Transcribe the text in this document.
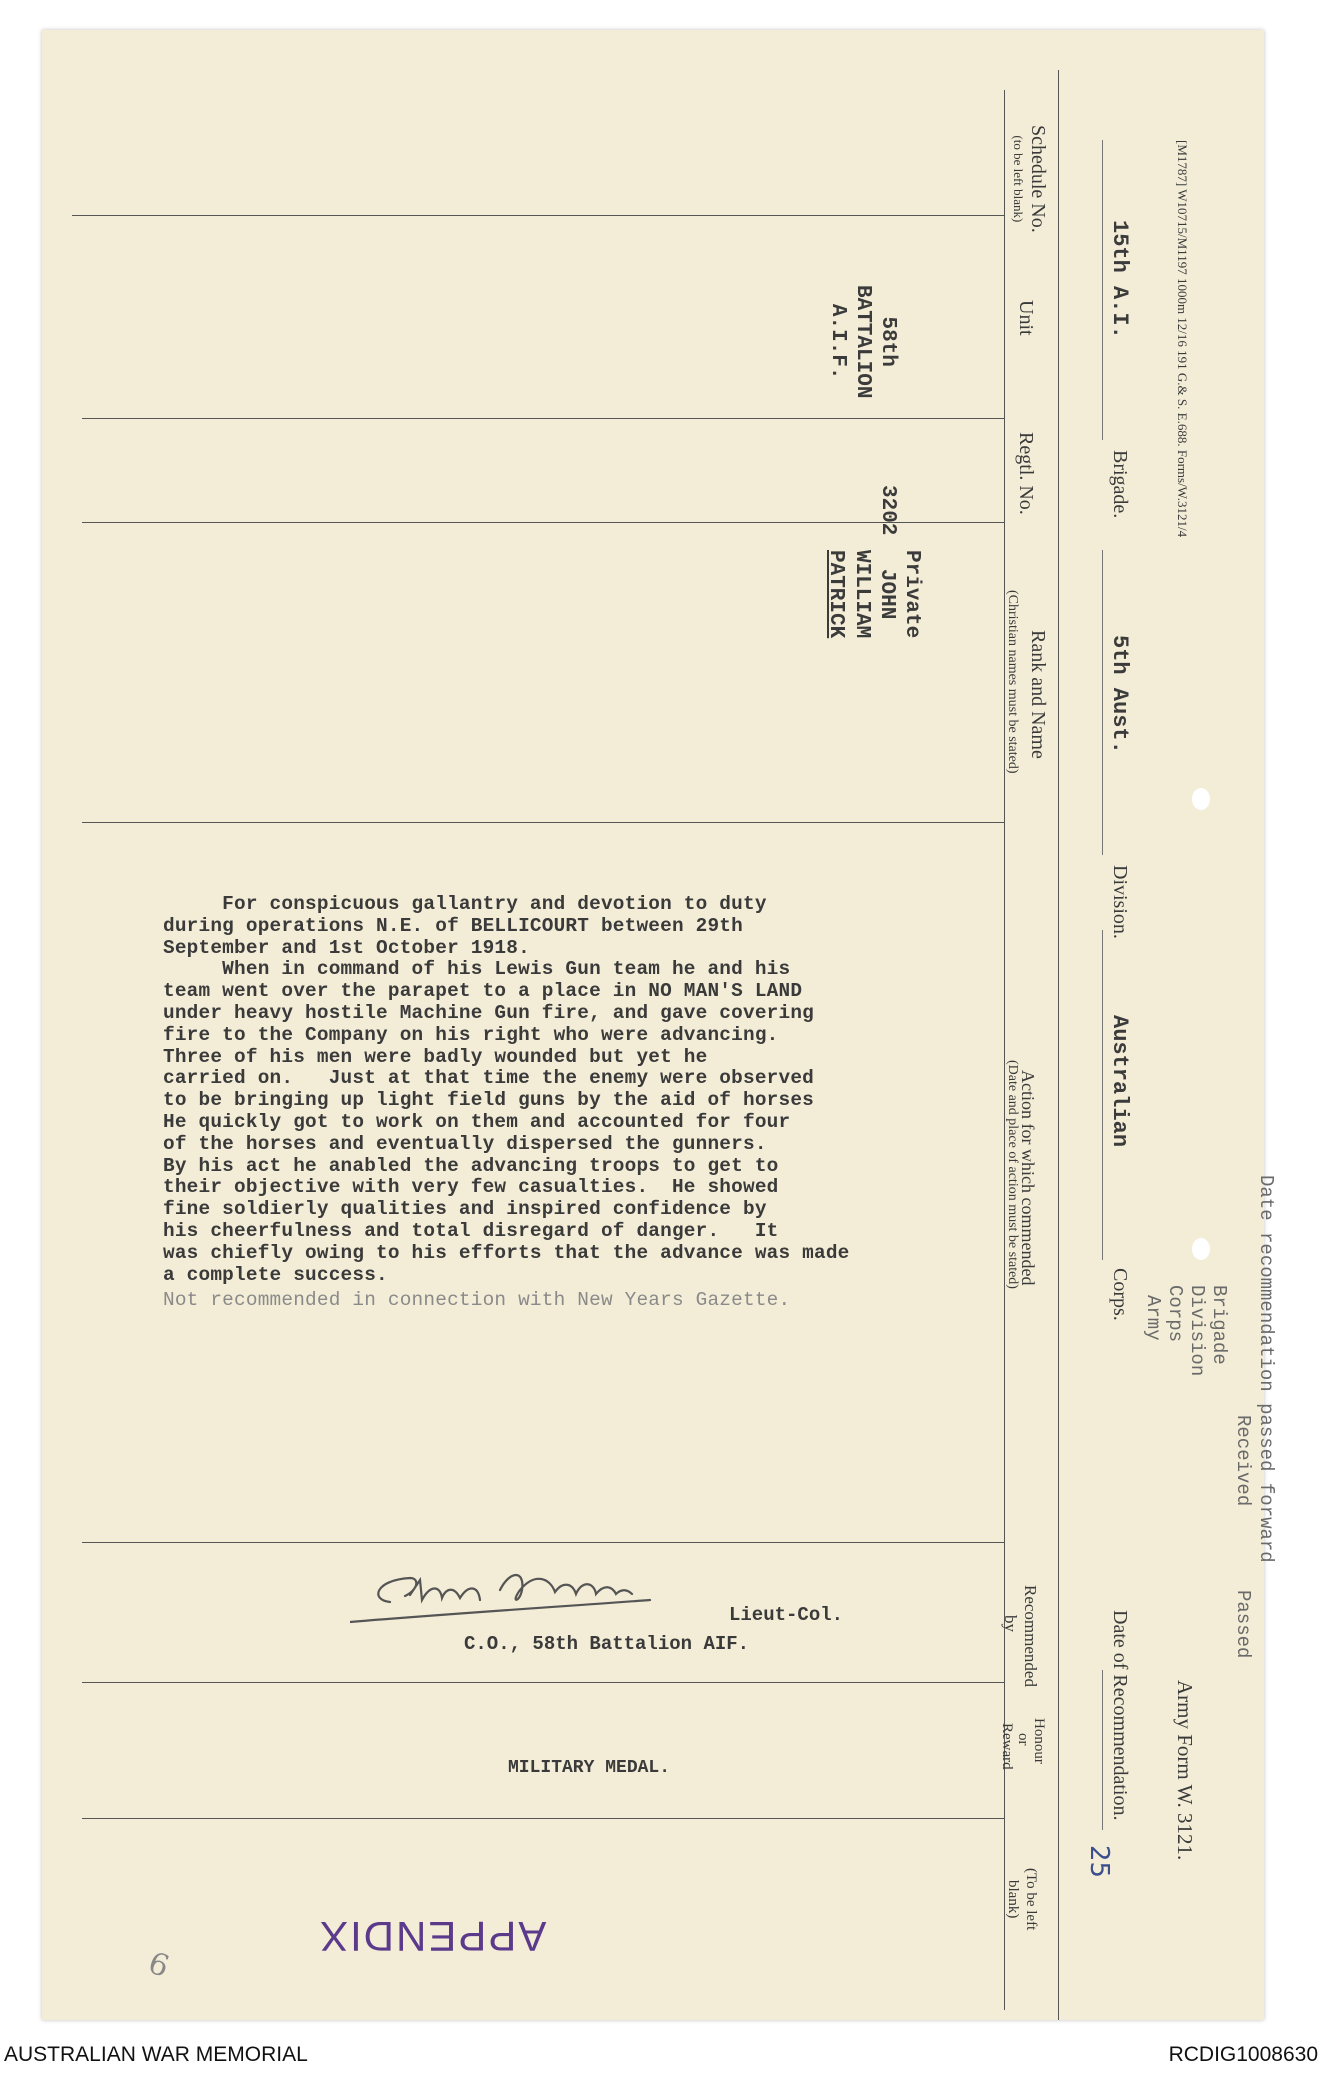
[M1787] W10715/M1197 1000m 12/16 191 G.& S. E.688. Forms/W.3121/4
15th A.I.
Brigade.
5th Aust.
Division.
Australian
Corps.
Date of Recommendation.
25
Army Form W. 3121.
Date recommendation passed forward
Received
Passed
Brigade
Division
Corps
Army
Schedule No.
(to be left blank)
Unit
Regtl. No.
Rank and Name
(Christian names must be stated)
Action for which commended
(Date and place of action must be stated)
Recommended
by
Honour
or
Reward
(To be left
blank)
58th
BATTALION
A.I.F.
3202
Private
JOHN
WILLIAM
PATRICK

For conspicuous gallantry and devotion to duty

during operations N.E. of BELLICOURT between 29th

September and 1st October 1918.

When in command of his Lewis Gun team he and his

team went over the parapet to a place in NO MAN'S LAND

under heavy hostile Machine Gun fire, and gave covering

fire to the Company on his right who were advancing.

Three of his men were badly wounded but yet he

carried on.   Just at that time the enemy were observed

to be bringing up light field guns by the aid of horses

He quickly got to work on them and accounted for four

of the horses and eventually dispersed the gunners.

By his act he anabled the advancing troops to get to

their objective with very few casualties.  He showed

fine soldierly qualities and inspired confidence by

his cheerfulness and total disregard of danger.   It

was chiefly owing to his efforts that the advance was made

a complete success.

Not recommended in connection with New Years Gazette.

Lieut-Col.
C.O., 58th Battalion AIF.
MILITARY MEDAL.
APPENDIX
9
AUSTRALIAN WAR MEMORIAL	RCDIG1008630
